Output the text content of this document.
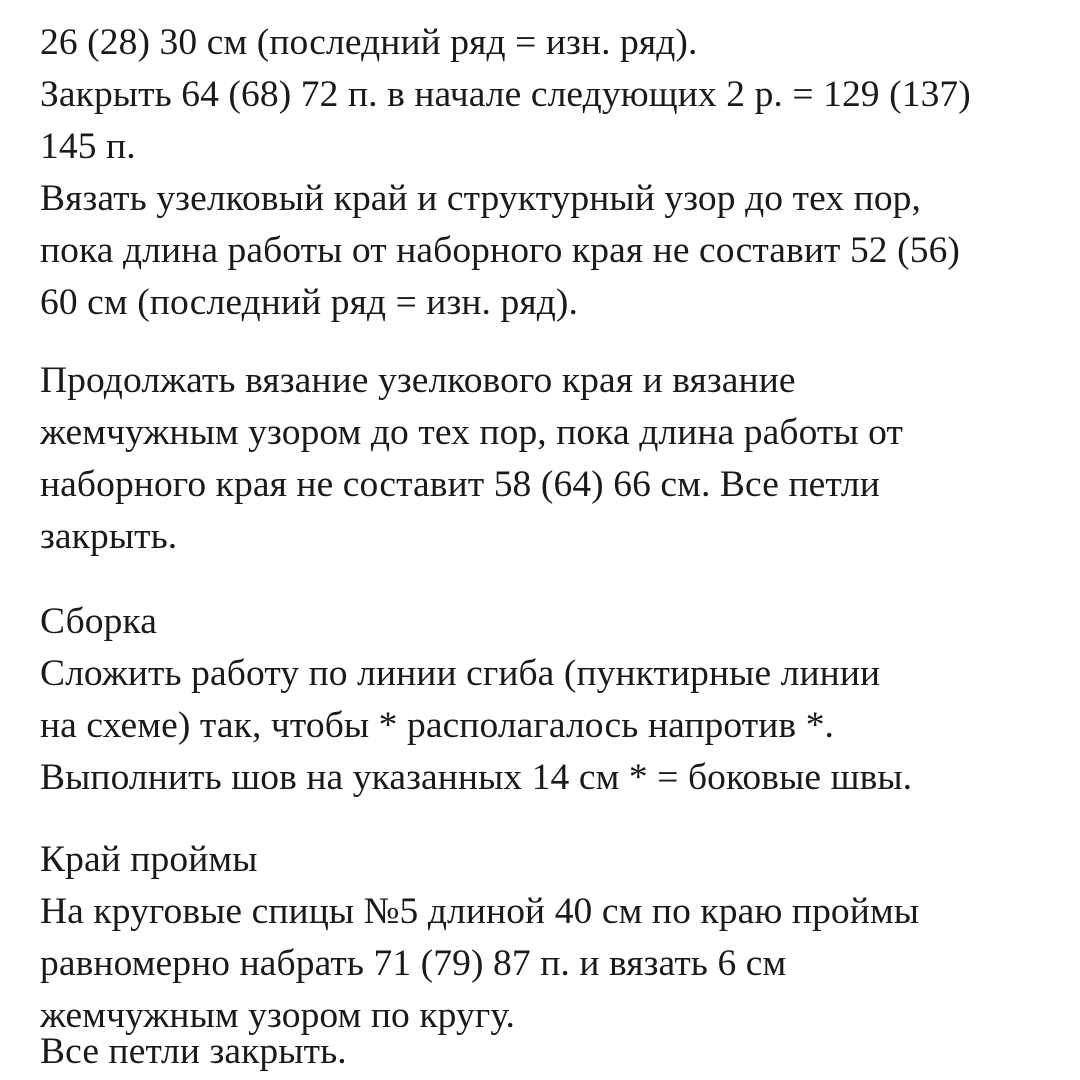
26 (28) 30 см (последний ряд = изн. ряд).
Закрыть 64 (68) 72 п. в начале следующих 2 р. = 129 (137)
145 п.
Вязать узелковый край и структурный узор до тех пор,
пока длина работы от наборного края не составит 52 (56)
60 см (последний ряд = изн. ряд).
Продолжать вязание узелкового края и вязание
жемчужным узором до тех пор, пока длина работы от
наборного края не составит 58 (64) 66 см. Все петли
закрыть.
Сборка
Сложить работу по линии сгиба (пунктирные линии
на схеме) так, чтобы * располагалось напротив *.
Выполнить шов на указанных 14 см * = боковые швы.
Край проймы
На круговые спицы №5 длиной 40 см по краю проймы
равномерно набрать 71 (79) 87 п. и вязать 6 см
жемчужным узором по кругу.
Все петли закрыть.
